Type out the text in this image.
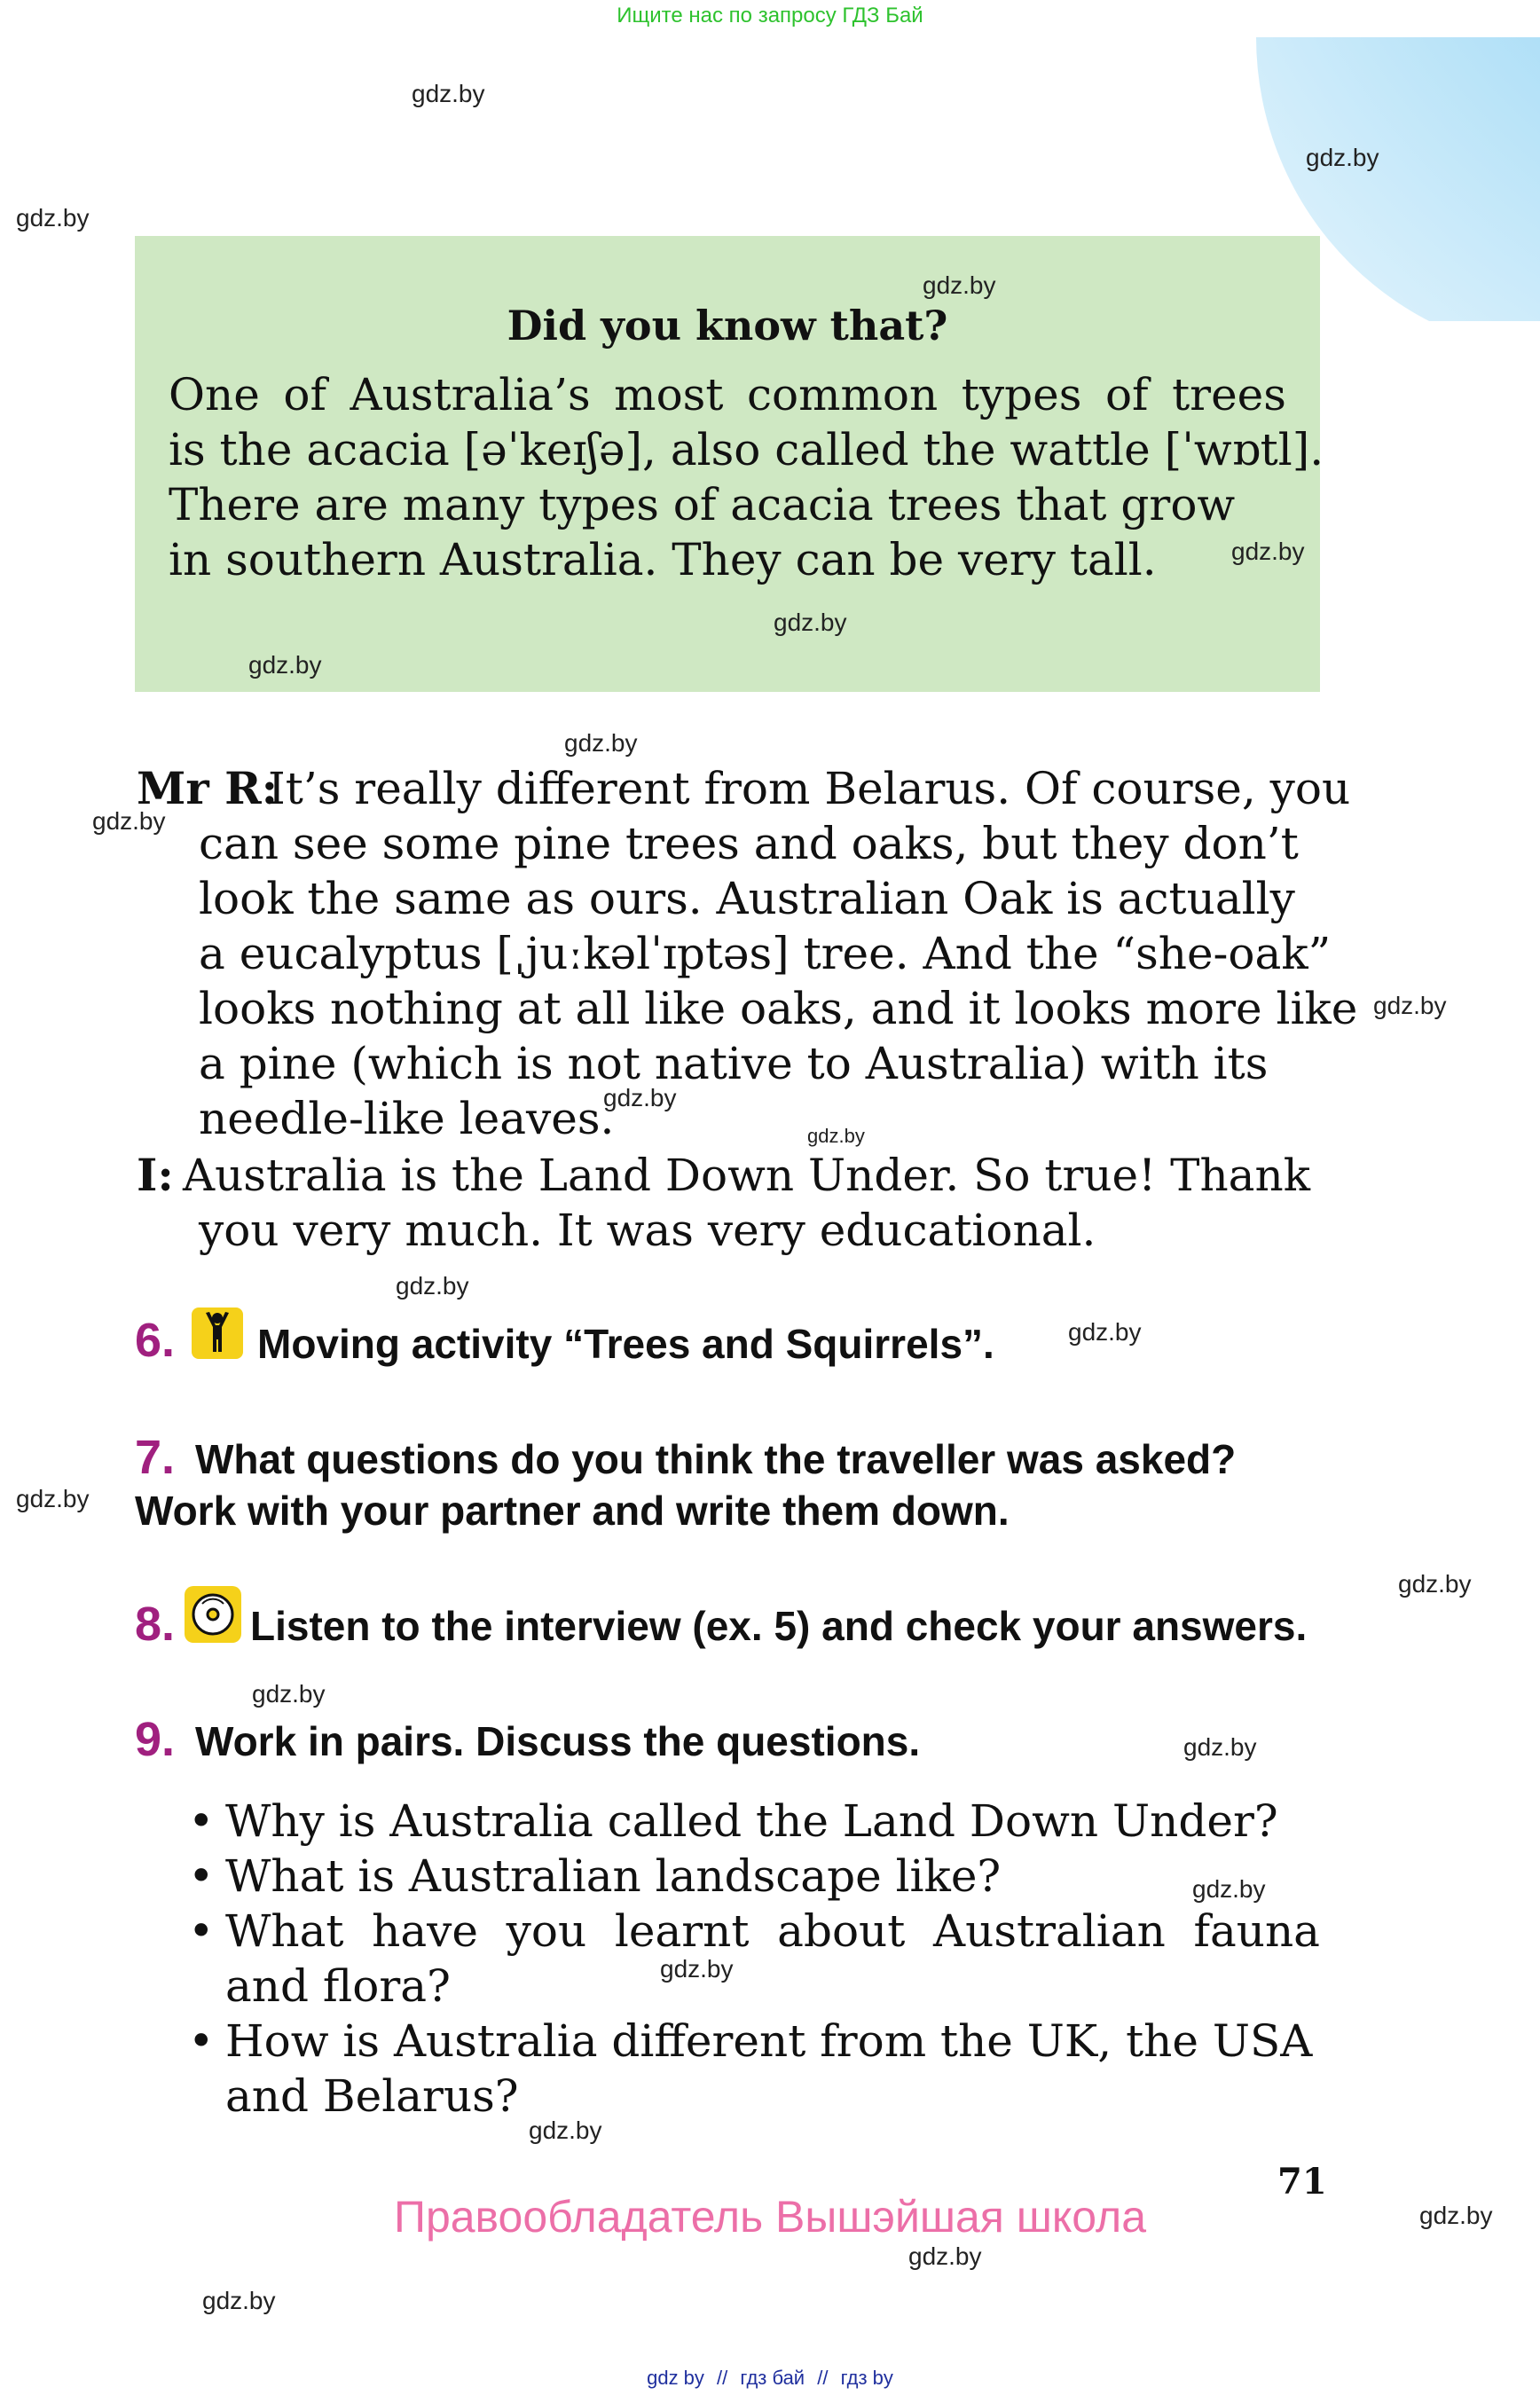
Ищите нас по запросу ГДЗ Бай
Did you know that?
One of Australia’s most common types of trees
is the acacia [əˈkeɪʃə], also called the wattle [ˈwɒtl].
There are many types of acacia trees that grow
in southern Australia. They can be very tall.
Mr R:
It’s really different from Belarus. Of course, you
can see some pine trees and oaks, but they don’t
look the same as ours. Australian Oak is actually
a eucalyptus [ˌjuːkəlˈɪptəs] tree. And the “she-oak”
looks nothing at all like oaks, and it looks more like
a pine (which is not native to Australia) with its
needle-like leaves.
I: Australia is the Land Down Under. So true! Thank
you very much. It was very educational.
6. Moving activity “Trees and Squirrels”.
7. What questions do you think the traveller was asked?
Work with your partner and write them down.
8. Listen to the interview (ex. 5) and check your answers.
9. Work in pairs. Discuss the questions.
• Why is Australia called the Land Down Under?
• What is Australian landscape like?
• What have you learnt about Australian fauna
and flora?
• How is Australia different from the UK, the USA
and Belarus?
71
Правообладатель Вышэйшая школа
gdz by // гдз бай // гдз by
gdz.by
gdz.by
gdz.by
gdz.by
gdz.by
gdz.by
gdz.by
gdz.by
gdz.by
gdz.by
gdz.by
gdz.by
gdz.by
gdz.by
gdz.by
gdz.by
gdz.by
gdz.by
gdz.by
gdz.by
gdz.by
gdz.by
gdz.by
gdz.by
